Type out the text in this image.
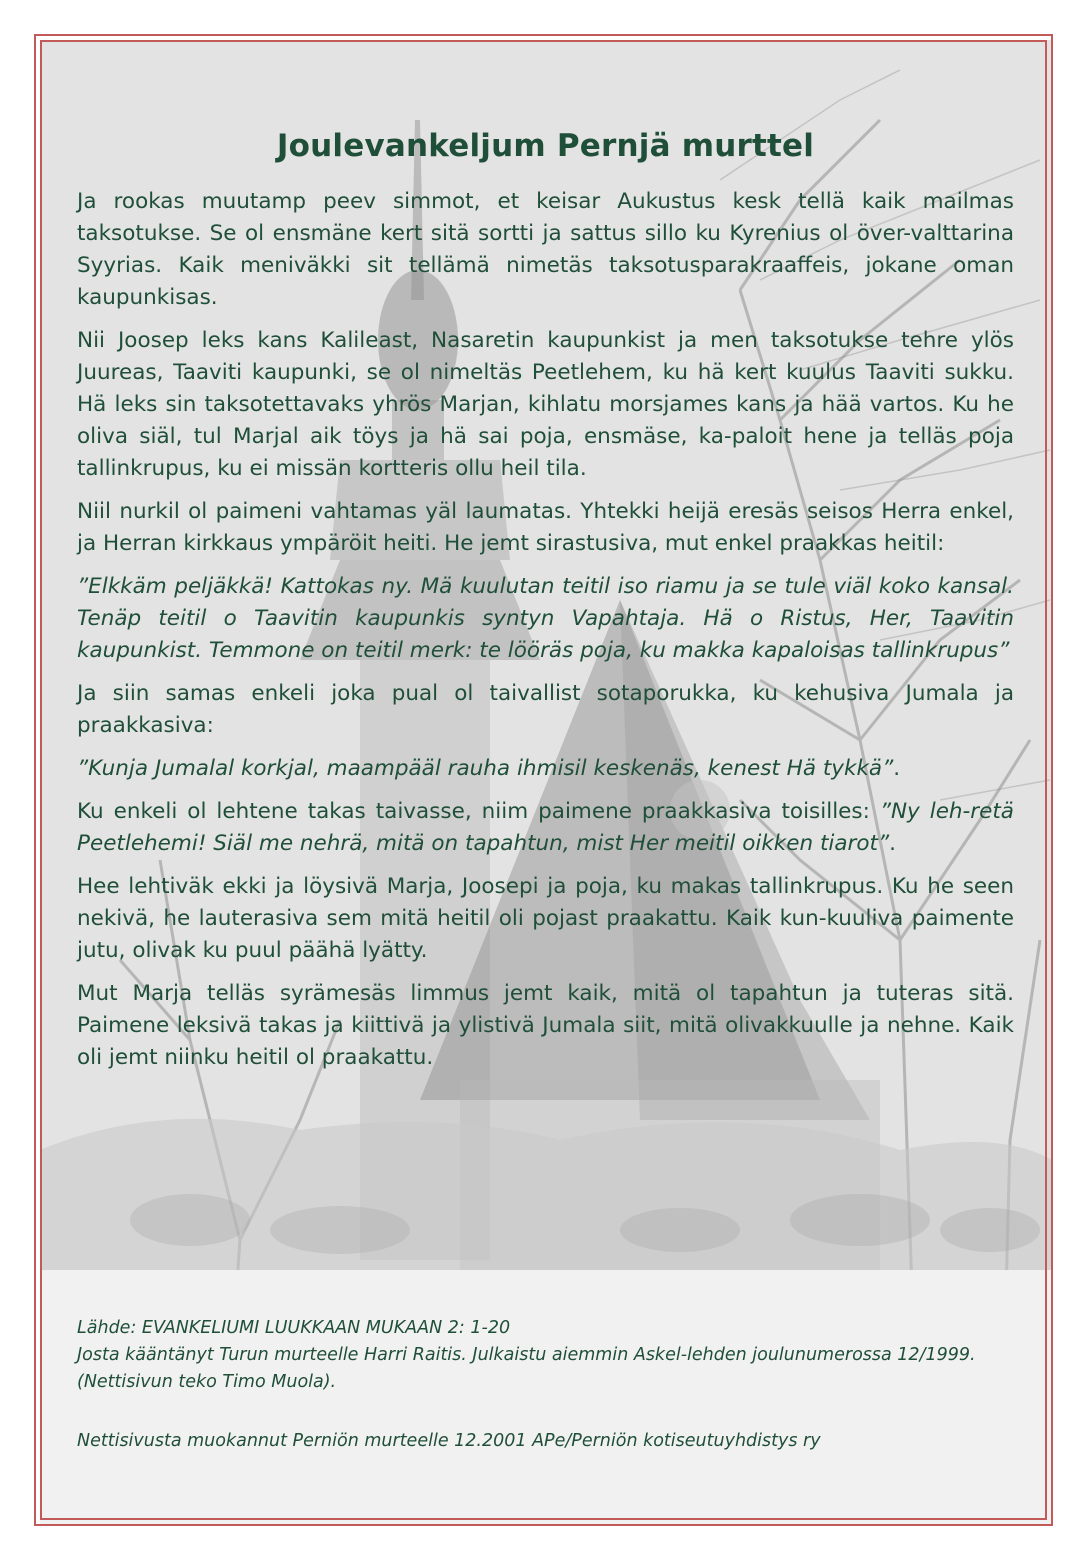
Joulevankeljum Pernjä murttel

Ja rookas muutamp peev simmot, et keisar Aukustus kesk tellä kaik mailmas taksotukse. Se ol ensmäne kert sitä sortti ja sattus sillo ku Kyrenius ol över-valttarina Syyrias. Kaik meniväkki sit tellämä nimetäs taksotusparakraaffeis, jokane oman kaupunkisas.

Nii Joosep leks kans Kalileast, Nasaretin kaupunkist ja men taksotukse tehre ylös Juureas, Taaviti kaupunki, se ol nimeltäs Peetlehem, ku hä kert kuulus Taaviti sukku. Hä leks sin taksotettavaks yhrös Marjan, kihlatu morsjames kans ja hää vartos. Ku he oliva siäl, tul Marjal aik töys ja hä sai poja, ensmäse, ka-paloit hene ja telläs poja tallinkrupus, ku ei missän kortteris ollu heil tila.

Niil nurkil ol paimeni vahtamas yäl laumatas. Yhtekki heijä eresäs seisos Herra enkel, ja Herran kirkkaus ympäröit heiti. He jemt sirastusiva, mut enkel praakkas heitil:

”Elkkäm peljäkkä! Kattokas ny. Mä kuulutan teitil iso riamu ja se tule viäl koko kansal. Tenäp teitil o Taavitin kaupunkis syntyn Vapahtaja. Hä o Ristus, Her, Taavitin kaupunkist. Temmone on teitil merk: te lööräs poja, ku makka kapaloisas tallinkrupus”

Ja siin samas enkeli joka pual ol taivallist sotaporukka, ku kehusiva Jumala ja praakkasiva:

”Kunja Jumalal korkjal, maampääl rauha ihmisil keskenäs, kenest Hä tykkä”.

Ku enkeli ol lehtene takas taivasse, niim paimene praakkasiva toisilles: ”Ny leh-retä Peetlehemi! Siäl me nehrä, mitä on tapahtun, mist Her meitil oikken tiarot”.

Hee lehtiväk ekki ja löysivä Marja, Joosepi ja poja, ku makas tallinkrupus. Ku he seen nekivä, he lauterasiva sem mitä heitil oli pojast praakattu. Kaik kun-kuuliva paimente jutu, olivak ku puul päähä lyätty.

Mut Marja telläs syrämesäs limmus jemt kaik, mitä ol tapahtun ja tuteras sitä. Paimene leksivä takas ja kiittivä ja ylistivä Jumala siit, mitä olivakkuulle ja nehne. Kaik oli jemt niinku heitil ol praakattu.

Lähde: EVANKELIUMI LUUKKAAN MUKAAN 2: 1-20

Josta kääntänyt Turun murteelle Harri Raitis. Julkaistu aiemmin Askel-lehden joulunumerossa 12/1999. (Nettisivun teko Timo Muola).

Nettisivusta muokannut Perniön murteelle 12.2001 APe/Perniön kotiseutuyhdistys ry
